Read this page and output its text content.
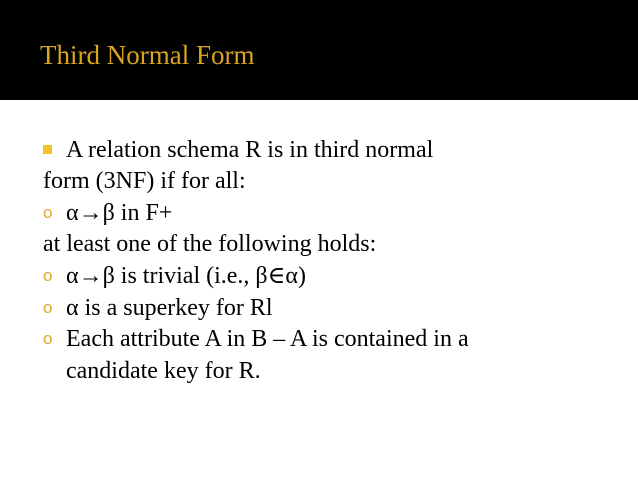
Third Normal Form
A relation schema R is in third normal
form (3NF) if for all:
o α→β in F+
at least one of the following holds:
o α→β is trivial (i.e., β∈α)
o α is a superkey for Rl
o Each attribute A in B – A is contained in a
candidate key for R.
